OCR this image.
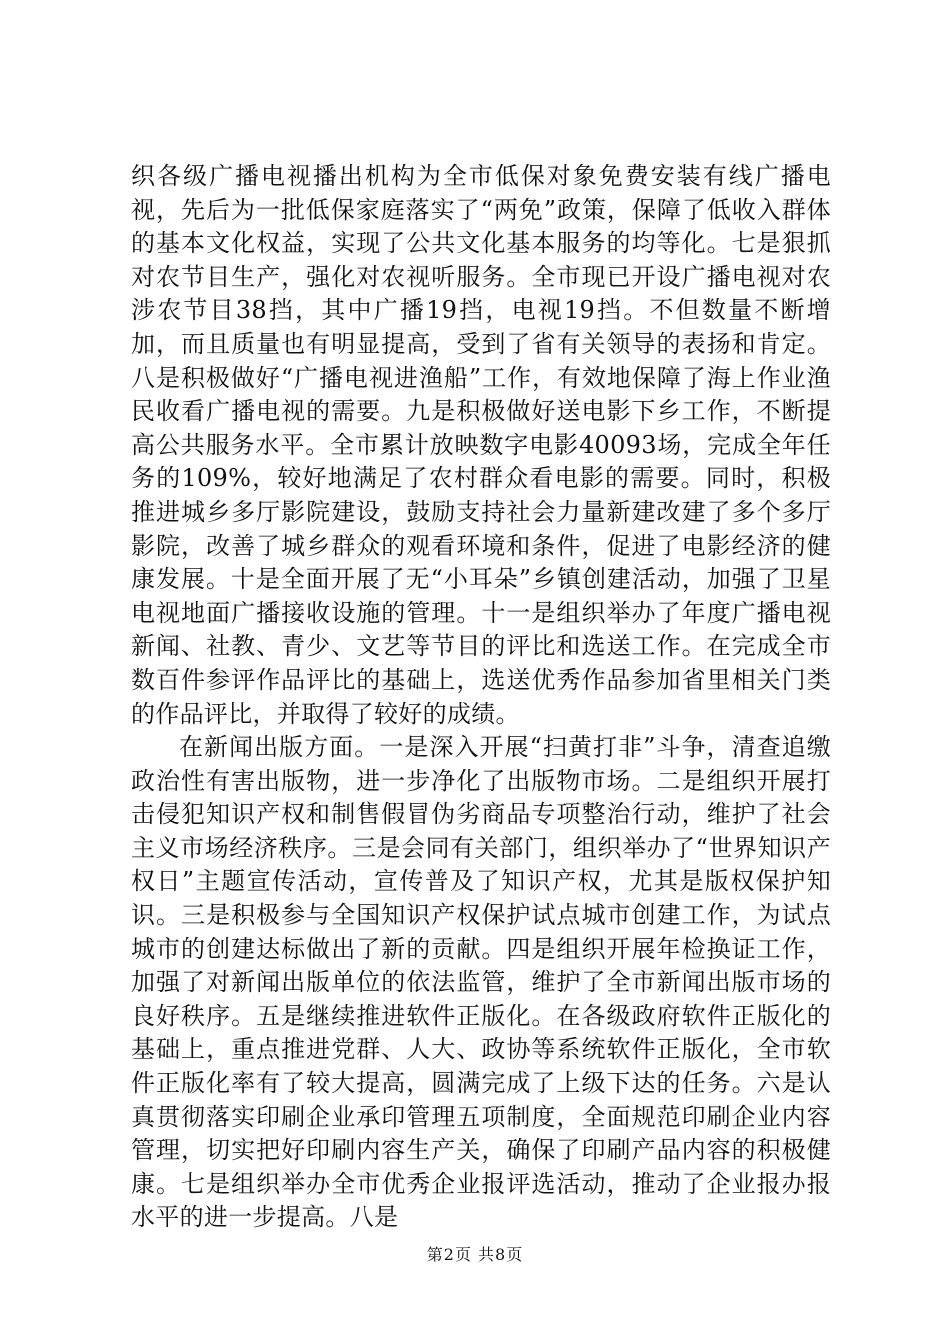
织各级广播电视播出机构为全市低保对象免费安装有线广播电视，先后为一批低保家庭落实了“两免”政策，保障了低收入群体的基本文化权益，实现了公共文化基本服务的均等化。七是狠抓对农节目生产，强化对农视听服务。全市现已开设广播电视对农涉农节目38挡，其中广播19挡，电视19挡。不但数量不断增加，而且质量也有明显提高，受到了省有关领导的表扬和肯定。八是积极做好“广播电视进渔船”工作，有效地保障了海上作业渔民收看广播电视的需要。九是积极做好送电影下乡工作，不断提高公共服务水平。全市累计放映数字电影40093场，完成全年任务的109%，较好地满足了农村群众看电影的需要。同时，积极推进城乡多厅影院建设，鼓励支持社会力量新建改建了多个多厅影院，改善了城乡群众的观看环境和条件，促进了电影经济的健康发展。十是全面开展了无“小耳朵”乡镇创建活动，加强了卫星电视地面广播接收设施的管理。十一是组织举办了年度广播电视新闻、社教、青少、文艺等节目的评比和选送工作。在完成全市数百件参评作品评比的基础上，选送优秀作品参加省里相关门类的作品评比，并取得了较好的成绩。

在新闻出版方面。一是深入开展“扫黄打非”斗争，清查追缴政治性有害出版物，进一步净化了出版物市场。二是组织开展打击侵犯知识产权和制售假冒伪劣商品专项整治行动，维护了社会主义市场经济秩序。三是会同有关部门，组织举办了“世界知识产权日”主题宣传活动，宣传普及了知识产权，尤其是版权保护知识。三是积极参与全国知识产权保护试点城市创建工作，为试点城市的创建达标做出了新的贡献。四是组织开展年检换证工作，加强了对新闻出版单位的依法监管，维护了全市新闻出版市场的良好秩序。五是继续推进软件正版化。在各级政府软件正版化的基础上，重点推进党群、人大、政协等系统软件正版化，全市软件正版化率有了较大提高，圆满完成了上级下达的任务。六是认真贯彻落实印刷企业承印管理五项制度，全面规范印刷企业内容管理，切实把好印刷内容生产关，确保了印刷产品内容的积极健康。七是组织举办全市优秀企业报评选活动，推动了企业报办报水平的进一步提高。八是

第2页 共8页
